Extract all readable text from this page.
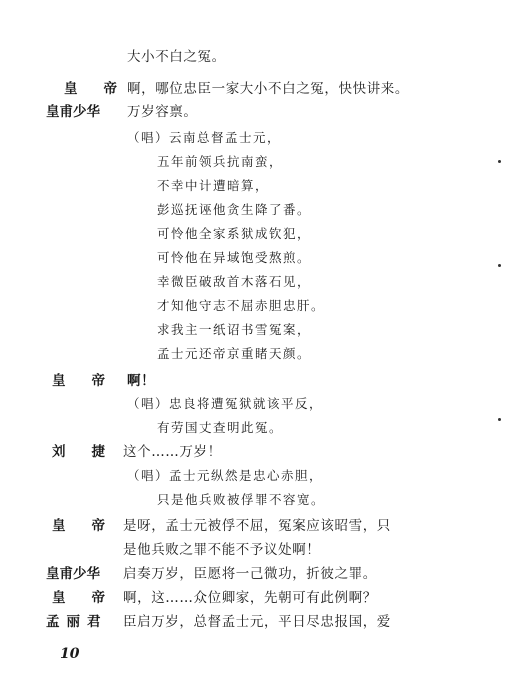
大小不白之冤。
皇帝
啊，哪位忠臣一家大小不白之冤，快快讲来。
皇甫少华 万岁容禀。
（唱）云南总督孟士元，
五年前领兵抗南蛮，
不幸中计遭暗算，
彭巡抚诬他贪生降了番。
可怜他全家系狱成钦犯，
可怜他在异域饱受熬煎。
幸微臣破敌首木落石见，
才知他守志不屈赤胆忠肝。
求我主一纸诏书雪冤案，
孟士元还帝京重睹天颜。
皇帝
啊！
（唱）忠良将遭冤狱就该平反，
有劳国丈查明此冤。
刘捷
这个……万岁！
（唱）孟士元纵然是忠心赤胆，
只是他兵败被俘罪不容宽。
皇帝
是呀，孟士元被俘不屈，冤案应该昭雪，只
是他兵败之罪不能不予议处啊！
皇甫少华 启奏万岁，臣愿将一己微功，折彼之罪。
皇帝
啊，这……众位卿家，先朝可有此例啊？
孟丽君 臣启万岁，总督孟士元，平日尽忠报国，爱
10
